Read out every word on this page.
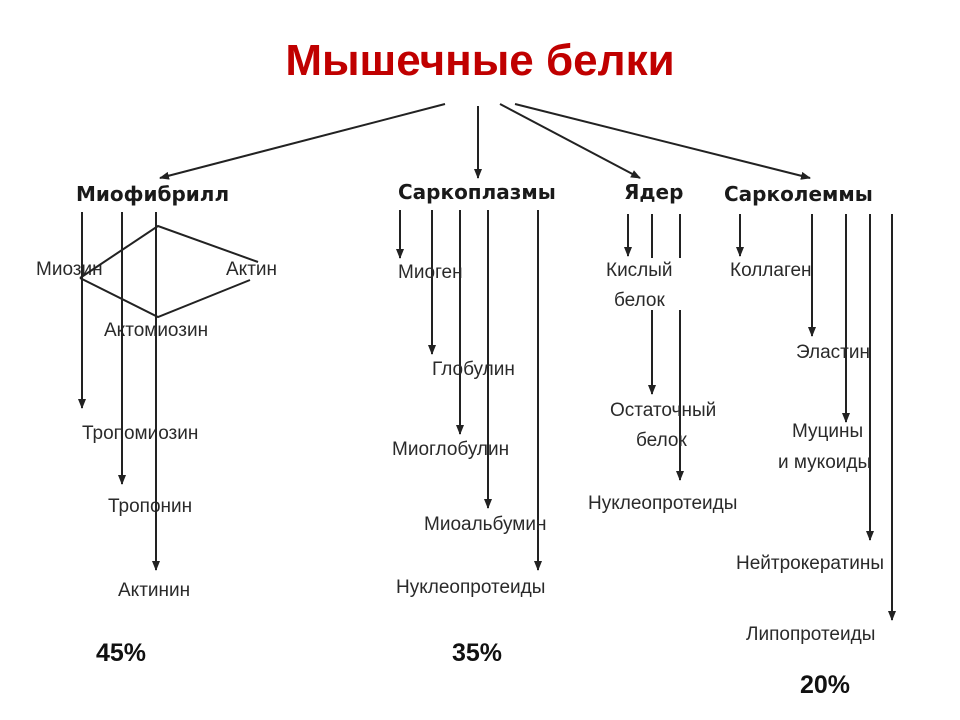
Мышечные белки
Миофибрилл	Саркоплазмы	Ядер Сарколеммы
Миозин	Актин
Актомиозин
Тропомиозин
Тропонин
Актинин
Миоген
Глобулин
Миоглобулин
Миоальбумин
Нуклеопротеиды
Кислый
белок
Остаточный
белок
Нуклеопротеиды
Коллаген
Эластин
Муцины
и мукоиды
Нейтрокератины
Липопротеиды
45%	35%
20%
